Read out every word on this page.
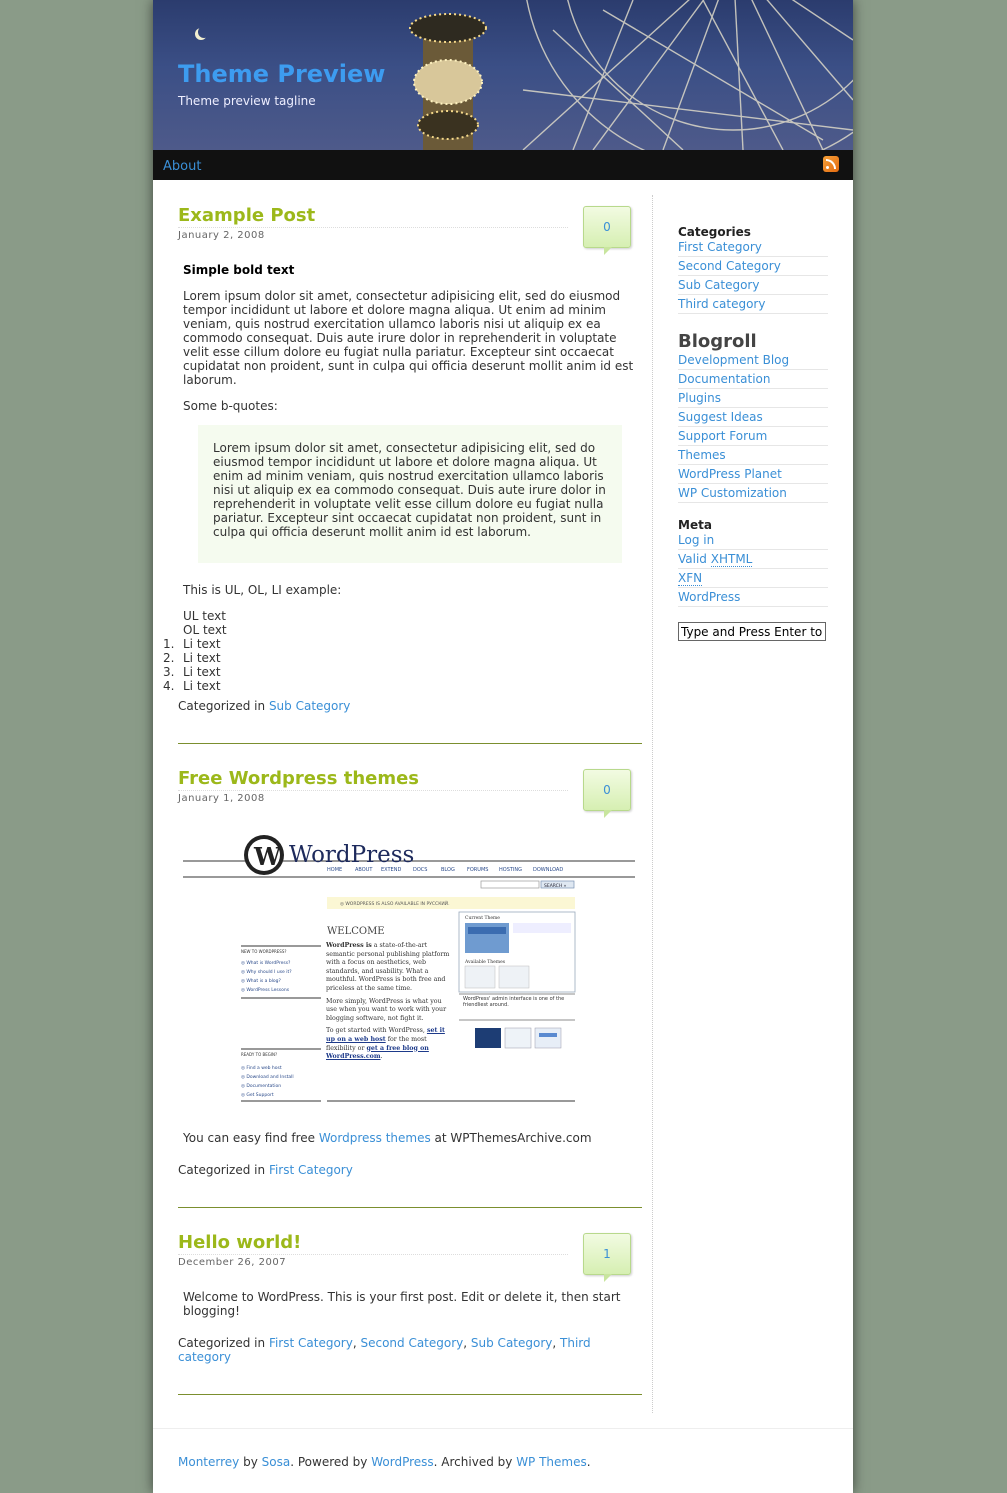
Theme Preview
Theme preview tagline
About
Example Post
January 2, 2008
0

Simple bold text

Lorem ipsum dolor sit amet, consectetur adipisicing elit, sed do eiusmod tempor incididunt ut labore et dolore magna aliqua. Ut enim ad minim veniam, quis nostrud exercitation ullamco laboris nisi ut aliquip ex ea commodo consequat. Duis aute irure dolor in reprehenderit in voluptate velit esse cillum dolore eu fugiat nulla pariatur. Excepteur sint occaecat cupidatat non proident, sunt in culpa qui officia deserunt mollit anim id est laborum.

Some b-quotes:

Lorem ipsum dolor sit amet, consectetur adipisicing elit, sed do eiusmod tempor incididunt ut labore et dolore magna aliqua. Ut enim ad minim veniam, quis nostrud exercitation ullamco laboris nisi ut aliquip ex ea commodo consequat. Duis aute irure dolor in reprehenderit in voluptate velit esse cillum dolore eu fugiat nulla pariatur. Excepteur sint occaecat cupidatat non proident, sunt in culpa qui officia deserunt mollit anim id est laborum.

This is UL, OL, LI example:

UL text
OL text
1. Li text
2. Li text
3. Li text
4. Li text
Categorized in Sub Category
Free Wordpress themes
January 1, 2008
0
W WordPress
HOME	ABOUT EXTEND DOCS	BLOG FORUMS HOSTING DOWNLOAD
SEARCH »
◎ WORDPRESS IS ALSO AVAILABLE IN РУССКИЙ.
WELCOME
NEW TO WORDPRESS?
◎ What is WordPress?
◎ Why should I use it?
◎ What is a blog?
◎ WordPress Lessons
READY TO BEGIN?
◎ Find a web host
◎ Download and Install
◎ Documentation
◎ Get Support
WordPress is a state-of-the-art semantic personal publishing platform with a focus on aesthetics, web standards, and usability. What a mouthful. WordPress is both free and priceless at the same time.
More simply, WordPress is what you use when you want to work with your blogging software, not fight it.
To get started with WordPress, set it up on a web host for the most flexibility or get a free blog on WordPress.com.
Current Theme
Available Themes
WordPress' admin interface is one of the friendliest around.

You can easy find free Wordpress themes at WPThemesArchive.com

Categorized in First Category
Hello world!
December 26, 2007
1

Welcome to WordPress. This is your first post. Edit or delete it, then start blogging!

Categorized in First Category, Second Category, Sub Category, Third category
Categories
First Category
Second Category
Sub Category
Third category
Blogroll
Development Blog
Documentation
Plugins
Suggest Ideas
Support Forum
Themes
WordPress Planet
WP Customization
Meta
Log in
Valid XHTML
XFN
WordPress
Type and Press Enter to
Monterrey by Sosa. Powered by WordPress. Archived by WP Themes.
